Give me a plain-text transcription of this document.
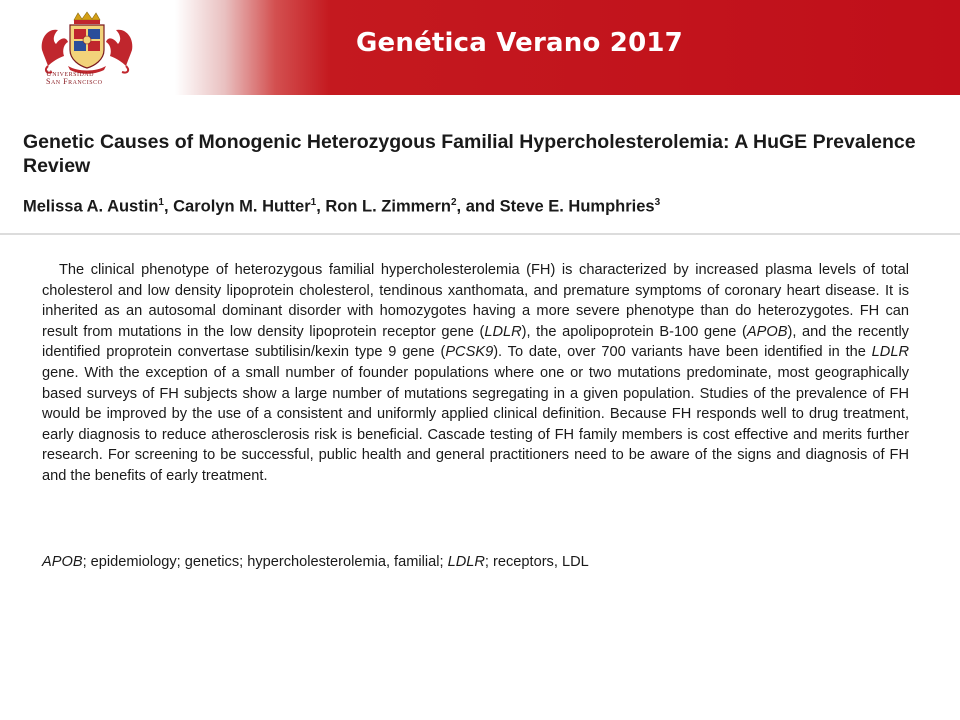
Universidad
San Francisco
Genética Verano 2017
Genetic Causes of Monogenic Heterozygous Familial Hypercholesterolemia: A HuGE Prevalence Review
Melissa A. Austin$^1$, Carolyn M. Hutter$^1$, Ron L. Zimmern$^2$, and Steve E. Humphries$^3$

The clinical phenotype of heterozygous familial hypercholesterolemia (FH) is characterized by increased plasma levels of total cholesterol and low density lipoprotein cholesterol, tendinous xanthomata, and premature symptoms of coronary heart disease. It is inherited as an autosomal dominant disorder with homozygotes having a more severe phenotype than do heterozygotes. FH can result from mutations in the low density lipoprotein receptor gene (LDLR), the apolipoprotein B-100 gene (APOB), and the recently identified proprotein convertase subtilisin/kexin type 9 gene (PCSK9). To date, over 700 variants have been identified in the LDLR gene. With the exception of a small number of founder populations where one or two mutations predominate, most geographically based surveys of FH subjects show a large number of mutations segregating in a given population. Studies of the prevalence of FH would be improved by the use of a consistent and uniformly applied clinical definition. Because FH responds well to drug treatment, early diagnosis to reduce atherosclerosis risk is beneficial. Cascade testing of FH family members is cost effective and merits further research. For screening to be successful, public health and general practitioners need to be aware of the signs and diagnosis of FH and the benefits of early treatment.

APOB; epidemiology; genetics; hypercholesterolemia, familial; LDLR; receptors, LDL
